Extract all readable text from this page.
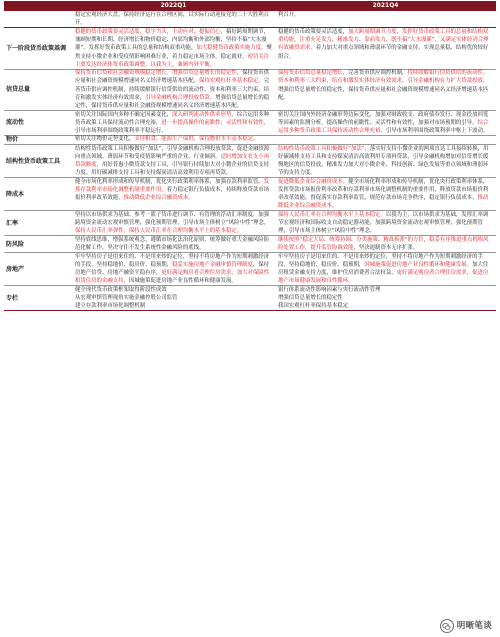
2022Q1	2021Q4
稳定宏观经济大盘，保持经济运行在合理区间，以实际行动迎接党的二十大胜利召开。
利召开。
下一阶段货币政策基调
稳健的货币政策要灵活适度，稳字当头，主动应对，提振信心，搞好跨周期调节，兼顾短期和长期、经济增长和物价稳定、内部均衡和外部均衡，坚持不搞“大水漫灌”，发挥好货币政策工具的总量和结构双重功能，加大稳健货币政策实施力度，聚焦支持小微企业和受疫情影响困难行业，着力稳定市场主体，稳定就业。密切关注主要发达经济体货币政策调整，以我为主，兼顾内外平衡。
稳健的货币政策要灵活适度，加大跨周期调节力度，发挥好货币政策工具的总量和结构双重功能，注重充足发力、精准发力、靠前发力，既不搞“大水漫灌”，又满足实体经济合理有效融资需求，着力加大对重点领域和薄弱环节的金融支持，实现总量稳、结构优的较好组合。
信贷总量
保持货币信贷和社会融资规模稳定增长。增强信贷总量增长的稳定性，保持货币供应量和社会融资规模增速同名义经济增速基本匹配，保持宏观杠杆率基本稳定。完善货币供应调控机制，持续缓解银行信贷供给的流动性、资本和利率三大约束，培育和激发实体经济有效需求，引导金融机构合理投放贷款。增强信贷总量增长的稳定性，保持货币供应量和社会融资规模增速同名义经济增速基本匹配。
保持货币信贷总量稳定增长，完善货币供应调控机制，持续缓解银行信贷供给的流动性、资本和利率三大约束，培育和激发实体经济有效需求，引导金融机构有力扩大贷款投放，增强信贷总量增长的稳定性，保持货币供应量和社会融资规模增速同名义经济增速基本匹配。
流动性
密切关注国际国内多种不确定因素变化，深入研判流动性供求形势，综合运用多种货币政策工具保持流动性合理充裕，进一步提高操作的前瞻性，灵活性和有效性，引导市场利率围绕政策利率平稳运行。
密切关注国内外经济金融形势边际变化，加强对财政收支、政府债券发行、现金投放回笼等因素的监测分析，提高操作的前瞻性、灵活性和有效性，加强对市场预期的引导，综合运用多种货币政策工具保持流动性合理充裕，引导市场利率围绕政策利率中枢上下波动。
物价	密切关注物价走势变化，支持粮食、能源生产保供，保持物价水平基本稳定。
结构性货币政策工具
结构性货币政策工具积极做好“加法”，引导金融机构合理投放贷款，促进金融资源向重点领域、薄弱环节和受疫情影响严重的企业、行业倾斜。适时增加支农支小再贷款额度，用好普惠小微贷款支持工具，引导银行持续加大对小微企业的信贷支持力度。用好碳减排支持工具和支持煤炭清洁高效利用专项再贷款。
结构性货币政策工具积极做好“加法”，落实好支持小微企业的两项直达工具接续转换，用好碳减排支持工具和支持煤炭清洁高效利用专项再贷款，引导金融机构增加对信贷增长缓慢地区的信贷投放，精准发力加大对小微企业、科技创新、绿色发展等重点领域和薄弱环节的支持力度。
降成本
健全市场化利率形成和传导机制，优化央行政策利率体系，加强存款利率监管，发挥存款利率市场化调整机制重要作用，着力稳定银行负债成本，持续释放贷款市场报价利率改革效能，推动降低企业综合融资成本。
促进降低企业综合融资成本。健全市场化利率形成和传导机制，优化央行政策利率体系，发挥贷款市场报价利率改革和存款利率市场化调整机制的重要作用，释放贷款市场报价利率改革效能，督促落实存款利率监管，规范存款市场竞争秩序，稳定银行负债成本，推动降低企业综合融资成本。
汇率
坚持以市场供求为基础、参考一篮子货币进行调节、有管理的浮动汇率制度，加强跨境资金流动宏观审慎管理，强化预期管理，引导市场主体树立“风险中性”理念，保持人民币汇率弹性，保持人民币汇率在合理均衡水平上的基本稳定。
保持人民币汇率在合理均衡水平上基本稳定。以我为主，以市场供求为基础，发挥汇率调节宏观经济和国际收支自动稳定器功能，加强跨境资金流动宏观审慎管理，强化预期管理，引导市场主体树立“风险中性”理念。
防风险
坚持底线思维，增强系统观念，遵循市场化法治化原则，统筹做好重大金融风险防范化解工作，坚决守住不发生系统性金融风险的底线。
继续按照“稳定大局、统筹协调、分类施策、精准拆弹”的方针，稳妥有序推进重点机构风险处置工作，提升监管协调效能，坚决遏制资本无序扩张。
房地产
牢牢坚持房子是用来住的、不是用来炒的定位，坚持不将房地产作为短期刺激经济的手段，坚持稳地价、稳房价、稳预期，稳妥实施房地产金融审慎管理制度，保持房地产信贷、房地产融资平稳有序，更好满足购房者合理住房需求，加大对保障性租赁住房的金融支持，因城施策促进房地产业良性循环和健康发展。
牢牢坚持房子是用来住的、不是用来炒的定位，坚持不将房地产作为短期刺激经济的手段，坚持稳地价、稳房价、稳预期，因城施策促进房地产业良性循环和健康发展。加大住房租赁金融支持力度，维护住房消费者合法权益，更好满足购房者合理住房需求，促进房地产市场健康发展和良性循环。
专栏
健全现代货币政策框架取得阶段性成效
从宏观审慎管理视角实施金融控股公司监管
建立存款利率市场化调整机制
银行体系流动性影响因素与央行流动性管理
增强信贷总量增长的稳定性
我国宏观杠杆率保持基本稳定
明晰笔谈
